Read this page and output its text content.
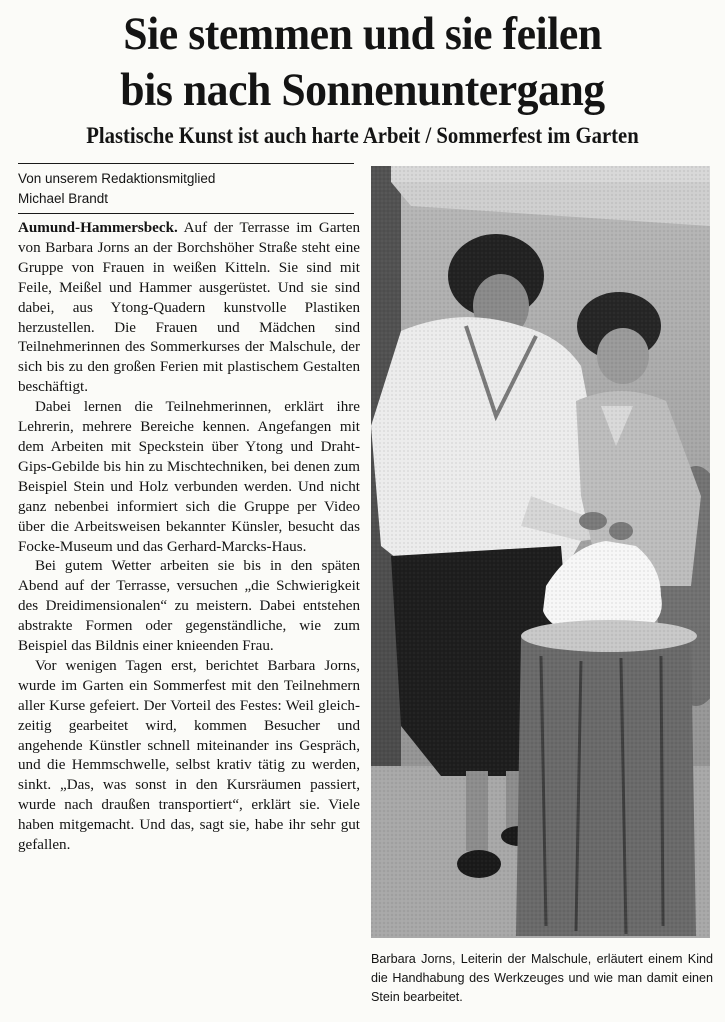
Sie stemmen und sie feilen
bis nach Sonnenuntergang
Plastische Kunst ist auch harte Arbeit / Sommerfest im Garten
Von unserem Redaktionsmitglied
Michael Brandt

Aumund-Hammersbeck. Auf der Terrasse im Garten von Barbara Jorns an der Borchshöher Straße steht eine Gruppe von Frauen in weißen Kitteln. Sie sind mit Feile, Meißel und Hammer ausgerüstet. Und sie sind dabei, aus Ytong-Quadern kunstvolle Plastiken herzustellen. Die Frauen und Mädchen sind Teilnehmerinnen des Sommerkurses der Malschule, der sich bis zu den großen Ferien mit plastischem Gestalten beschäftigt.

Dabei lernen die Teilnehmerinnen, erklärt ihre Lehrerin, mehrere Bereiche kennen. Angefangen mit dem Arbeiten mit Speckstein über Ytong und Draht-Gips-Gebilde bis hin zu Mischtechniken, bei denen zum Beispiel Stein und Holz verbunden werden. Und nicht ganz nebenbei informiert sich die Gruppe per Video über die Arbeitsweisen bekannter Künsler, besucht das Focke-Museum und das Gerhard-Marcks-Haus.

Bei gutem Wetter arbeiten sie bis in den späten Abend auf der Terrasse, versuchen „die Schwierigkeit des Dreidimensionalen“ zu meistern. Dabei entstehen abstrakte Formen oder gegenständliche, wie zum Beispiel das Bildnis einer knieenden Frau.

Vor wenigen Tagen erst, berichtet Barbara Jorns, wurde im Garten ein Sommerfest mit den Teilnehmern aller Kurse gefeiert. Der Vorteil des Festes: Weil gleichzeitig gearbeitet wird, kommen Besucher und angehende Künstler schnell miteinander ins Gespräch, und die Hemmschwelle, selbst krativ tätig zu werden, sinkt. „Das, was sonst in den Kursräumen passiert, wurde nach draußen transportiert“, erklärt sie. Viele haben mitgemacht. Und das, sagt sie, habe ihr sehr gut gefallen.

Barbara Jorns, Leiterin der Malschule, erläutert einem Kind die Handhabung des Werkzeuges und wie man damit einen Stein bearbeitet.
